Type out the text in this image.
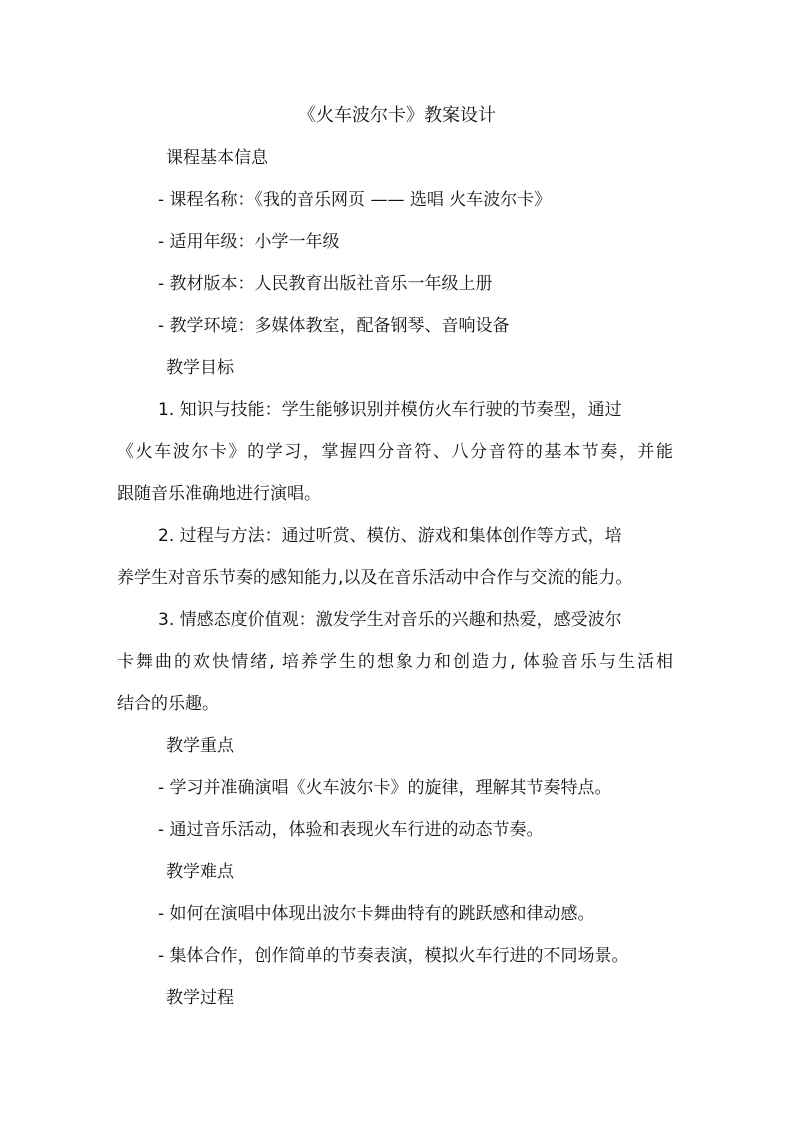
《火车波尔卡》教案设计
课程基本信息
- 课程名称：《我的音乐网页 —— 选唱 火车波尔卡》
- 适用年级：小学一年级
- 教材版本：人民教育出版社音乐一年级上册
- 教学环境：多媒体教室，配备钢琴、音响设备
教学目标
1. 知识与技能：学生能够识别并模仿火车行驶的节奏型，通过
《火车波尔卡》的学习，掌握四分音符、八分音符的基本节奏，并能
跟随音乐准确地进行演唱。
2. 过程与方法：通过听赏、模仿、游戏和集体创作等方式，培
养学生对音乐节奏的感知能力,以及在音乐活动中合作与交流的能力。
3. 情感态度价值观：激发学生对音乐的兴趣和热爱，感受波尔
卡舞曲的欢快情绪, 培养学生的想象力和创造力, 体验音乐与生活相
结合的乐趣。
教学重点
- 学习并准确演唱《火车波尔卡》的旋律，理解其节奏特点。
- 通过音乐活动，体验和表现火车行进的动态节奏。
教学难点
- 如何在演唱中体现出波尔卡舞曲特有的跳跃感和律动感。
- 集体合作，创作简单的节奏表演，模拟火车行进的不同场景。
教学过程
